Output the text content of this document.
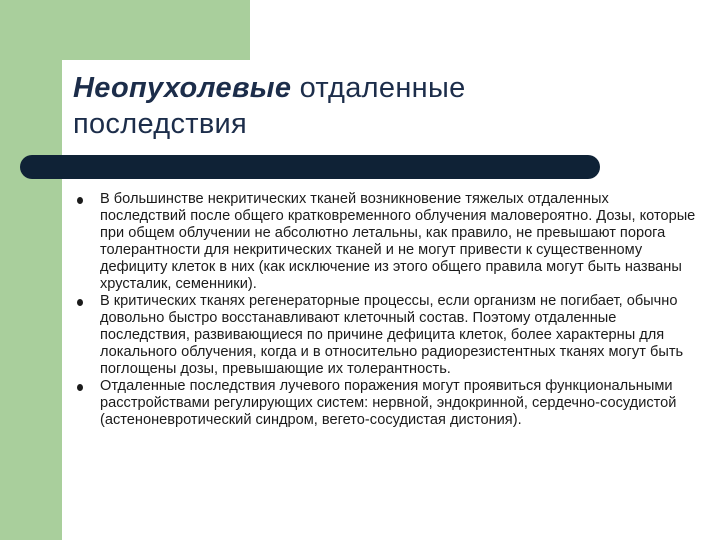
Неопухолевые отдаленные последствия
В большинстве некритических тканей возникновение тяжелых отдаленных последствий после общего кратковременного облучения маловероятно. Дозы, которые при общем облучении не абсолютно летальны, как правило, не превышают порога толерантности для некритических тканей и не могут привести к существенному дефициту клеток в них (как исключение из этого общего правила могут быть названы хрусталик, семенники).
В критических тканях регенераторные процессы, если организм не погибает, обычно довольно быстро восстанавливают клеточный состав. Поэтому отдаленные последствия, развивающиеся по причине дефицита клеток, более характерны для локального облучения, когда и в относительно радиорезистентных тканях могут быть поглощены дозы, превышающие их толерантность.
Отдаленные последствия лучевого поражения могут проявиться функциональными расстройствами регулирующих систем: нервной, эндокринной, сердечно-сосудистой (астеноневротический синдром, вегето-сосудистая дистония).
